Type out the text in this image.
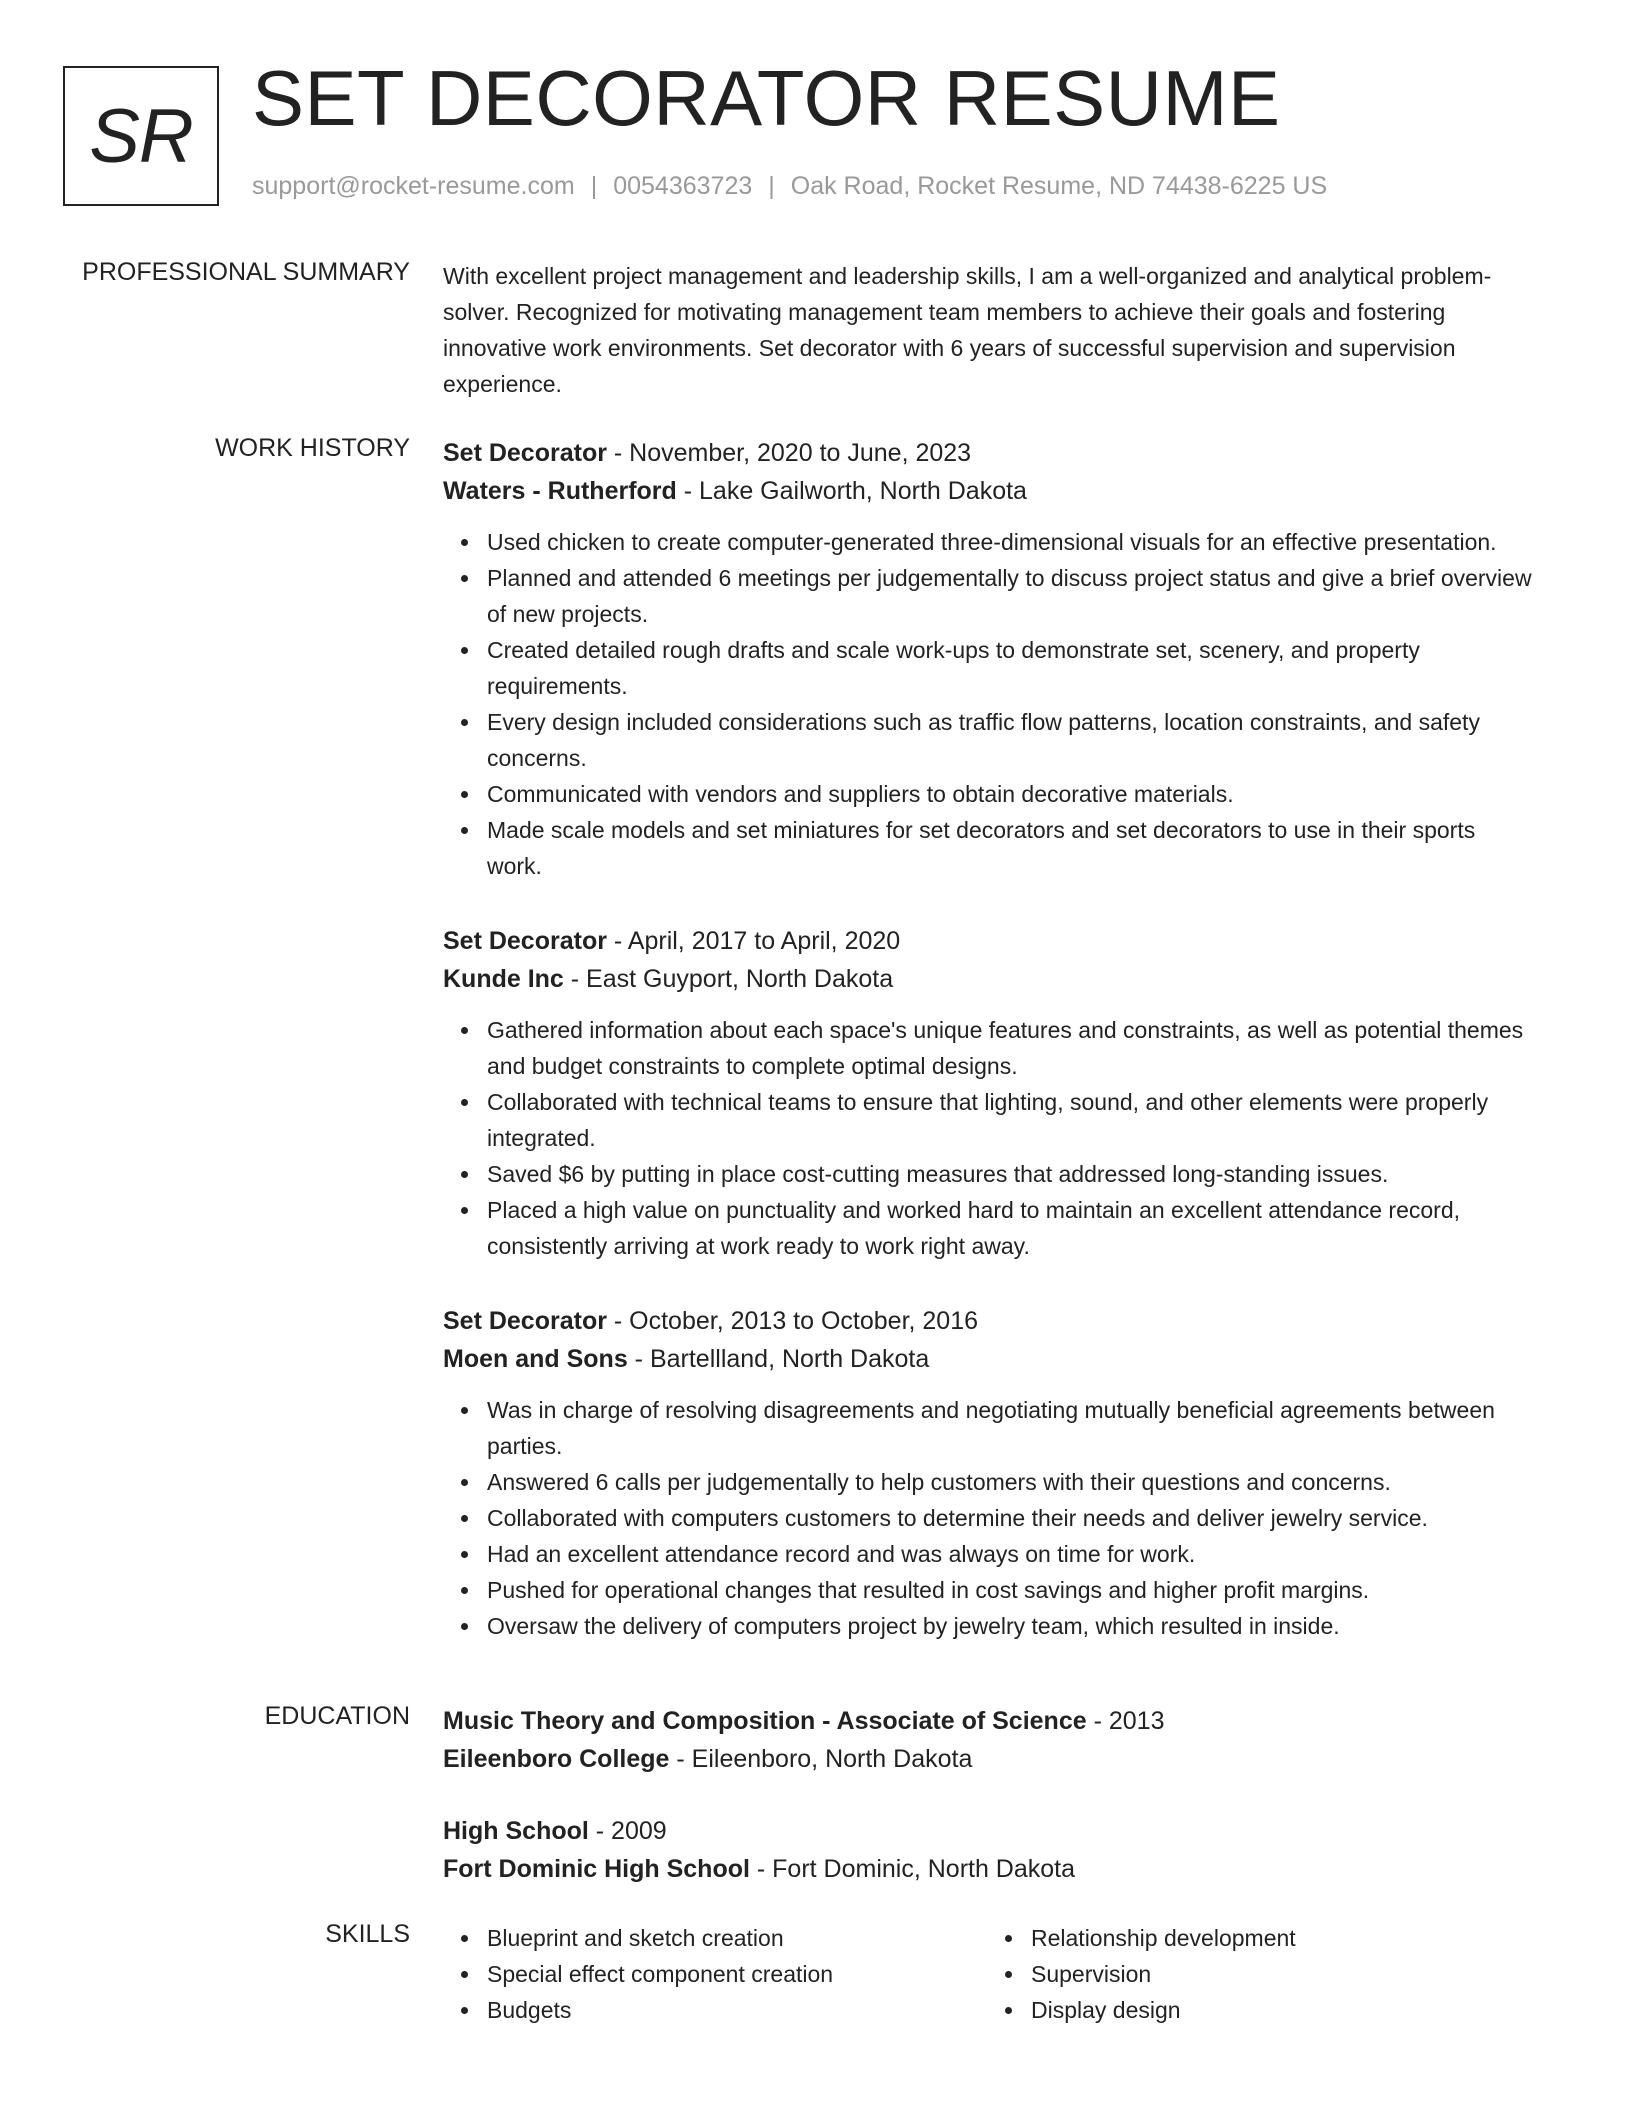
SR SET DECORATOR RESUME
support@rocket-resume.com | 0054363723 | Oak Road, Rocket Resume, ND 74438-6225 US
PROFESSIONAL SUMMARY With excellent project management and leadership skills, I am a well-organized and analytical problem-solver. Recognized for motivating management team members to achieve their goals and fostering innovative work environments. Set decorator with 6 years of successful supervision and supervision experience.

WORK HISTORY Set Decorator - November, 2020 to June, 2023
Waters - Rutherford - Lake Gailworth, North Dakota
Used chicken to create computer-generated three-dimensional visuals for an effective presentation.
Planned and attended 6 meetings per judgementally to discuss project status and give a brief overview of new projects.
Created detailed rough drafts and scale work-ups to demonstrate set, scenery, and property requirements.
Every design included considerations such as traffic flow patterns, location constraints, and safety concerns.
Communicated with vendors and suppliers to obtain decorative materials.
Made scale models and set miniatures for set decorators and set decorators to use in their sports work.
Set Decorator - April, 2017 to April, 2020
Kunde Inc - East Guyport, North Dakota
Gathered information about each space's unique features and constraints, as well as potential themes and budget constraints to complete optimal designs.
Collaborated with technical teams to ensure that lighting, sound, and other elements were properly integrated.
Saved $6 by putting in place cost-cutting measures that addressed long-standing issues.
Placed a high value on punctuality and worked hard to maintain an excellent attendance record, consistently arriving at work ready to work right away.
Set Decorator - October, 2013 to October, 2016
Moen and Sons - Bartellland, North Dakota
Was in charge of resolving disagreements and negotiating mutually beneficial agreements between parties.
Answered 6 calls per judgementally to help customers with their questions and concerns.
Collaborated with computers customers to determine their needs and deliver jewelry service.
Had an excellent attendance record and was always on time for work.
Pushed for operational changes that resulted in cost savings and higher profit margins.
Oversaw the delivery of computers project by jewelry team, which resulted in inside.
EDUCATION Music Theory and Composition - Associate of Science - 2013
Eileenboro College - Eileenboro, North Dakota
High School - 2009
Fort Dominic High School - Fort Dominic, North Dakota
SKILLS	Blueprint and sketch creation
Special effect component creation
Budgets
Relationship development
Supervision
Display design
